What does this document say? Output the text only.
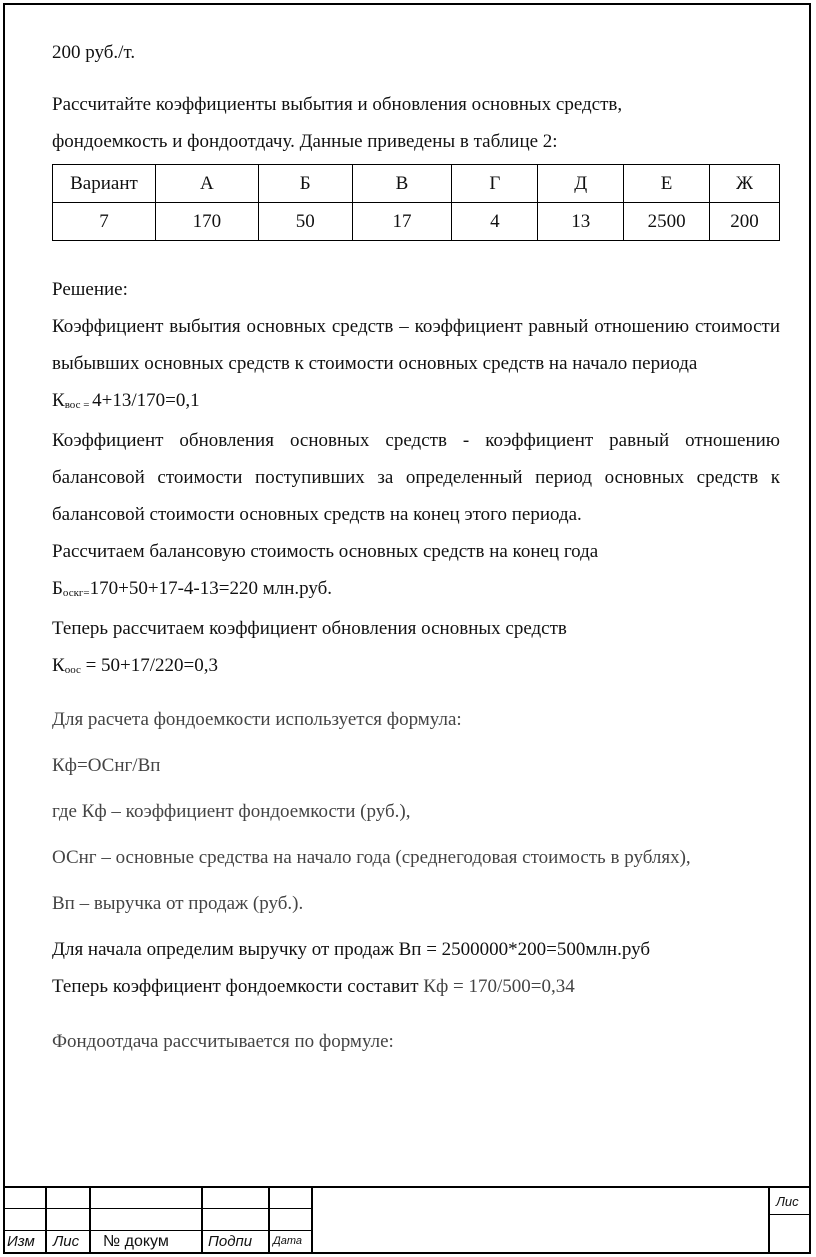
200 руб./т.

Рассчитайте коэффициенты выбытия и обновления основных средств,

фондоемкость и фондоотдачу. Данные приведены в таблице 2:

Вариант	А	Б	В	Г	Д	Е	Ж
7	170	50	17	4	13	2500	200

Решение:

Коэффициент выбытия основных средств – коэффициент равный отношению стоимости выбывших основных средств к стоимости основных средств на начало периода

$К_{вос =}$ 4+13/170=0,1

Коэффициент обновления основных средств - коэффициент равный отношению балансовой стоимости поступивших за определенный период основных средств к балансовой стоимости основных средств на конец этого периода.

Рассчитаем балансовую стоимость основных средств на конец года

$Б_{оскг=}170+50+17-4-13=220$ млн.руб.

Теперь рассчитаем коэффициент обновления основных средств

$К_{оос} = 50+17/220=0,3$

Для расчета фондоемкости используется формула:

Кф=ОСнг/Вп

где Кф – коэффициент фондоемкости (руб.),

ОСнг – основные средства на начало года (среднегодовая стоимость в рублях),

Вп – выручка от продаж (руб.).

Для начала определим выручку от продаж Вп = 2500000*200=500млн.руб

Теперь коэффициент фондоемкости составит Кф = 170/500=0,34

Фондоотдача рассчитывается по формуле:

Изм Лис № докум	Подпи Дата
Лис
